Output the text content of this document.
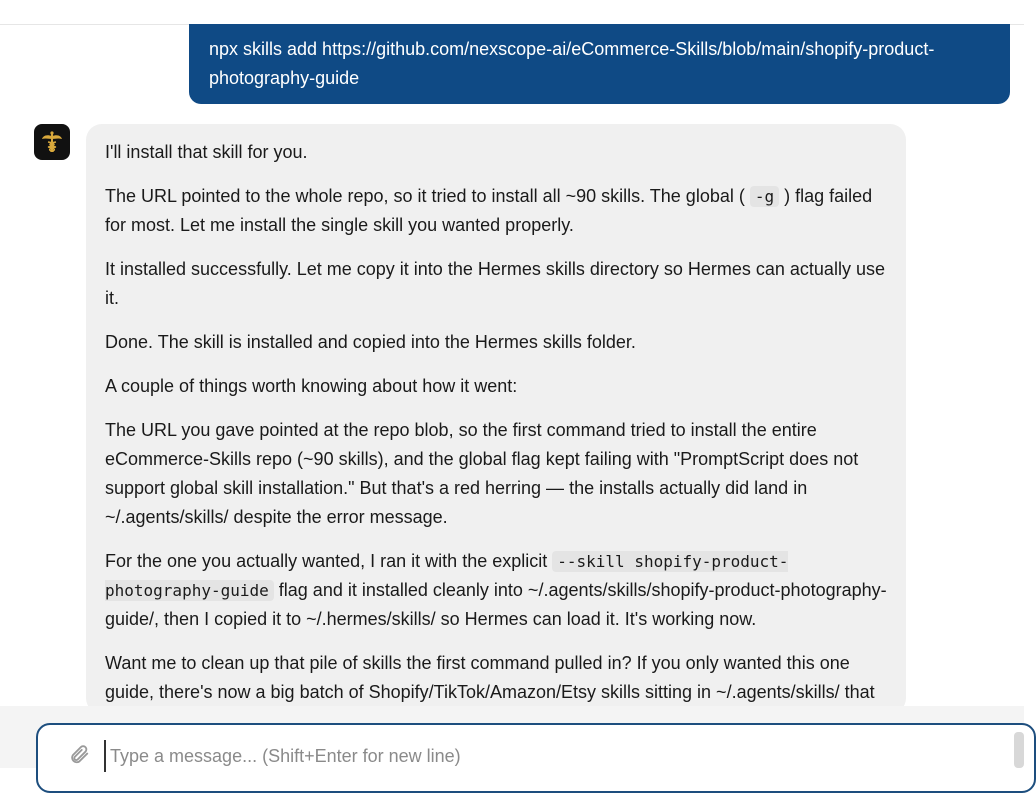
npx skills add https://github.com/nexscope-ai/eCommerce-Skills/blob/main/shopify-product-
photography-guide

I'll install that skill for you.

The URL pointed to the whole repo, so it tried to install all ~90 skills. The global ( -g ) flag failed for most. Let me install the single skill you wanted properly.

It installed successfully. Let me copy it into the Hermes skills directory so Hermes can actually use it.

Done. The skill is installed and copied into the Hermes skills folder.

A couple of things worth knowing about how it went:

The URL you gave pointed at the repo blob, so the first command tried to install the entire eCommerce-Skills repo (~90 skills), and the global flag kept failing with "PromptScript does not support global skill installation." But that's a red herring — the installs actually did land in ~/.agents/skills/ despite the error message.

For the one you actually wanted, I ran it with the explicit --skill shopify-product-photography-guide flag and it installed cleanly into ~/.agents/skills/shopify-product-photography-guide/, then I copied it to ~/.hermes/skills/ so Hermes can load it. It's working now.

Want me to clean up that pile of skills the first command pulled in? If you only wanted this one guide, there's now a big batch of Shopify/TikTok/Amazon/Etsy skills sitting in ~/.agents/skills/ that

Type a message... (Shift+Enter for new line)
